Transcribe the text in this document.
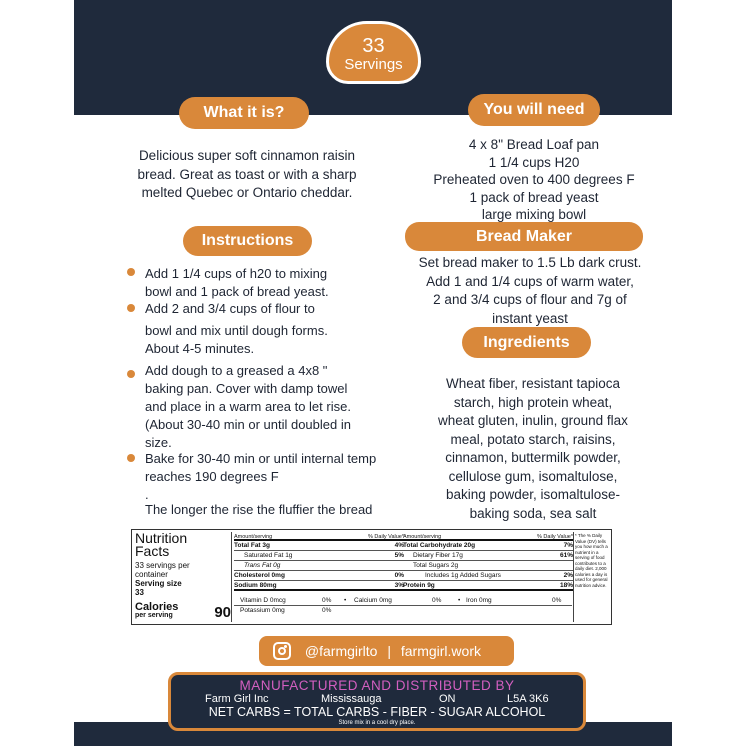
33
Servings
What it is?
Delicious super soft cinnamon raisin
bread. Great as toast or with a sharp
melted Quebec or Ontario cheddar.
You will need
4 x 8" Bread Loaf pan
1 1/4 cups H20
Preheated oven to 400 degrees F
1 pack of bread yeast
large mixing bowl
Instructions
Add 1 1/4 cups of h20 to mixing
bowl and 1 pack of bread yeast.
Add 2 and 3/4 cups of flour to
bowl and mix until dough forms.
About 4-5 minutes.
Add dough to a greased a 4x8 "
baking pan. Cover with damp towel
and place in a warm area to let rise.
(About 30-40 min or until doubled in
size.
Bake for 30-40 min or until internal temp
reaches 190 degrees F
.
The longer the rise the fluffier the bread
Bread Maker
Set bread maker to 1.5 Lb dark crust.
Add 1 and 1/4 cups of warm water,
2 and 3/4 cups of flour and 7g of
instant yeast
Ingredients
Wheat fiber, resistant tapioca
starch, high protein wheat,
wheat gluten, inulin, ground flax
meal, potato starch, raisins,
cinnamon, buttermilk powder,
cellulose gum, isomaltulose,
baking powder, isomaltulose-
baking soda, sea salt
Nutrition
Facts
33 servings per
container
Serving size
33
Calories
per serving	90
Amount/serving	% Daily Value*
Total Fat 3g	4%
Saturated Fat 1g	5%
Trans Fat 0g
Cholesterol 0mg	0%
Sodium 80mg	3%
Amount/serving	% Daily Value*
Total Carbohydrate 20g	7%
Dietary Fiber 17g	61%
Total Sugars 2g
Includes 1g Added Sugars	2%
Protein 9g	18%
Vitamin D 0mcg	0% • Calcium 0mg	0%	• Iron 0mg	0%
Potassium 0mg	0%
* The % Daily Value (DV) tells you how much a nutrient in a serving of food contributes to a daily diet. 2,000 calories a day is used for general nutrition advice.
@farmgirlto | farmgirl.work
MANUFACTURED AND DISTRIBUTED BY
Farm Girl Inc	Mississauga	ON	L5A 3K6
NET CARBS = TOTAL CARBS - FIBER - SUGAR ALCOHOL
Store mix in a cool dry place.
